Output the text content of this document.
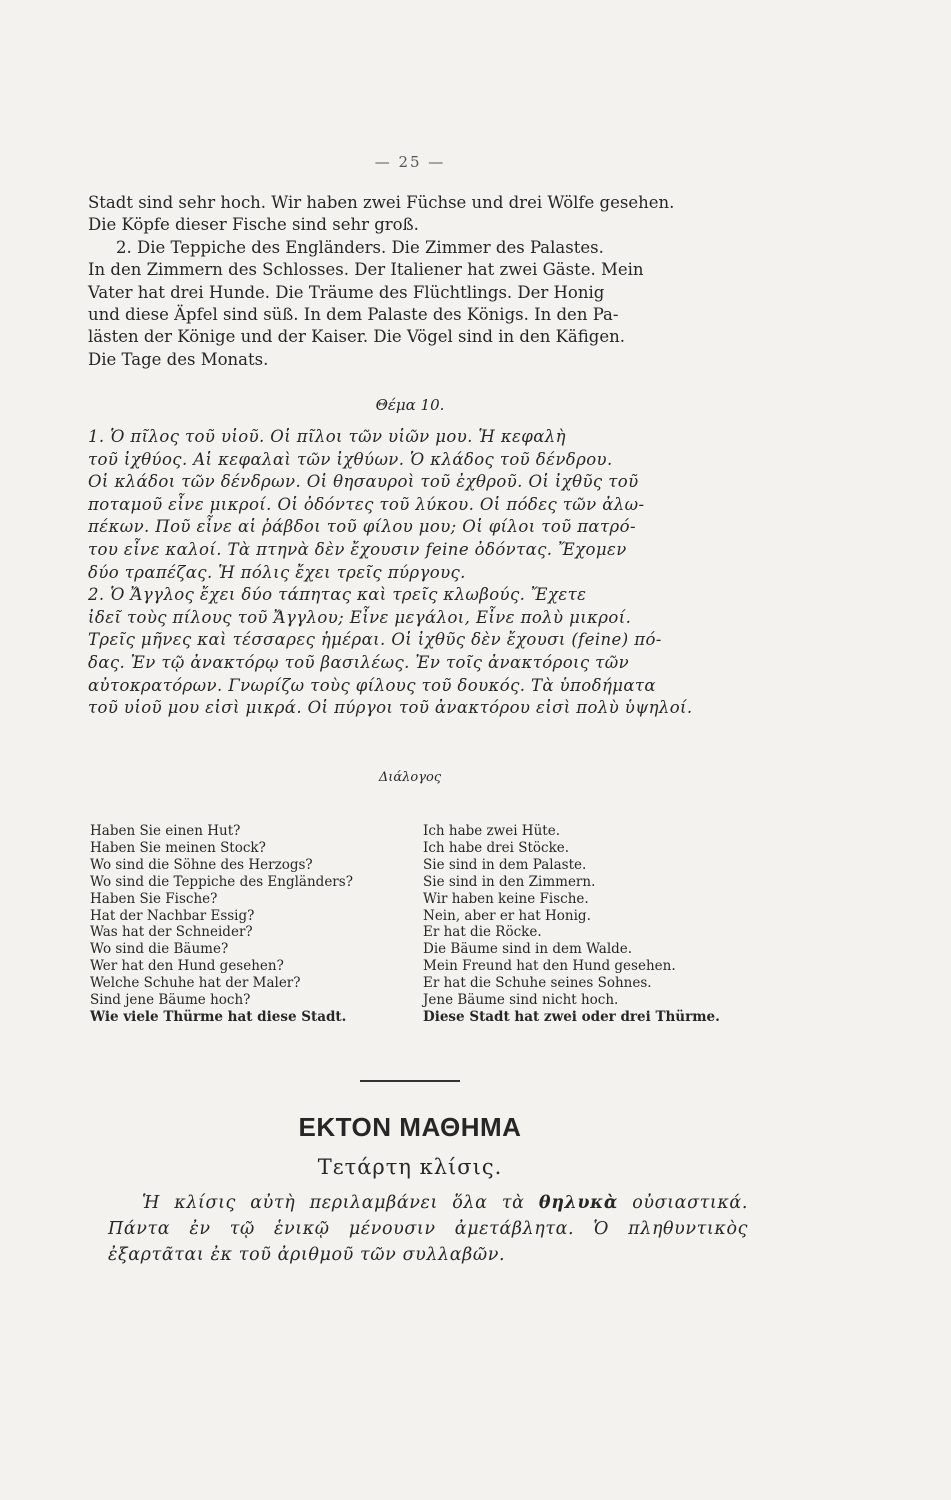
— 25 —

Stadt sind sehr hoch. Wir haben zwei Füchse und drei Wölfe gesehen.

Die Köpfe dieser Fische sind sehr groß.

2. Die Teppiche des Engländers. Die Zimmer des Palastes.

In den Zimmern des Schlosses. Der Italiener hat zwei Gäste. Mein

Vater hat drei Hunde. Die Träume des Flüchtlings. Der Honig

und diese Äpfel sind süß. In dem Palaste des Königs. In den Pa-

lästen der Könige und der Kaiser. Die Vögel sind in den Käfigen.

Die Tage des Monats.

Θέμα 10.

1. Ὁ πῖλος τοῦ υἱοῦ. Οἱ πῖλοι τῶν υἱῶν μου. Ἡ κεφαλὴ

τοῦ ἰχθύος. Αἱ κεφαλαὶ τῶν ἰχθύων. Ὁ κλάδος τοῦ δένδρου.

Οἱ κλάδοι τῶν δένδρων. Οἱ θησαυροὶ τοῦ ἐχθροῦ. Οἱ ἰχθῦς τοῦ

ποταμοῦ εἶνε μικροί. Οἱ ὀδόντες τοῦ λύκου. Οἱ πόδες τῶν ἀλω-

πέκων. Ποῦ εἶνε αἱ ῥάβδοι τοῦ φίλου μου; Οἱ φίλοι τοῦ πατρό-

του εἶνε καλοί. Τὰ πτηνὰ δὲν ἔχουσιν feine ὀδόντας. Ἔχομεν

δύο τραπέζας. Ἡ πόλις ἔχει τρεῖς πύργους.

2. Ὁ Ἄγγλος ἔχει δύο τάπητας καὶ τρεῖς κλωβούς. Ἔχετε

ἰδεῖ τοὺς πίλους τοῦ Ἄγγλου; Εἶνε μεγάλοι, Εἶνε πολὺ μικροί.

Τρεῖς μῆνες καὶ τέσσαρες ἡμέραι. Οἱ ἰχθῦς δὲν ἔχουσι (feine) πό-

δας. Ἐν τῷ ἀνακτόρῳ τοῦ βασιλέως. Ἐν τοῖς ἀνακτόροις τῶν

αὐτοκρατόρων. Γνωρίζω τοὺς φίλους τοῦ δουκός. Τὰ ὑποδήματα

τοῦ υἱοῦ μου εἰσὶ μικρά. Οἱ πύργοι τοῦ ἀνακτόρου εἰσὶ πολὺ ὑψηλοί.

Διάλογος
Haben Sie einen Hut?
Haben Sie meinen Stock?
Wo sind die Söhne des Herzogs?
Wo sind die Teppiche des Engländers?
Haben Sie Fische?
Hat der Nachbar Essig?
Was hat der Schneider?
Wo sind die Bäume?
Wer hat den Hund gesehen?
Welche Schuhe hat der Maler?
Sind jene Bäume hoch?
Wie viele Thürme hat diese Stadt.
Ich habe zwei Hüte.
Ich habe drei Stöcke.
Sie sind in dem Palaste.
Sie sind in den Zimmern.
Wir haben keine Fische.
Nein, aber er hat Honig.
Er hat die Röcke.
Die Bäume sind in dem Walde.
Mein Freund hat den Hund gesehen.
Er hat die Schuhe seines Sohnes.
Jene Bäume sind nicht hoch.
Diese Stadt hat zwei oder drei Thürme.
ΕΚΤΟΝ ΜΑΘΗΜΑ
Τετάρτη κλίσις.

Ἡ κλίσις αὐτὴ περιλαμβάνει ὅλα τὰ θηλυκὰ οὐσιαστικά. Πάντα ἐν τῷ ἑνικῷ μένουσιν ἀμετάβλητα. Ὁ πληθυντικὸς ἐξαρτᾶται ἐκ τοῦ ἀριθμοῦ τῶν συλλαβῶν.
